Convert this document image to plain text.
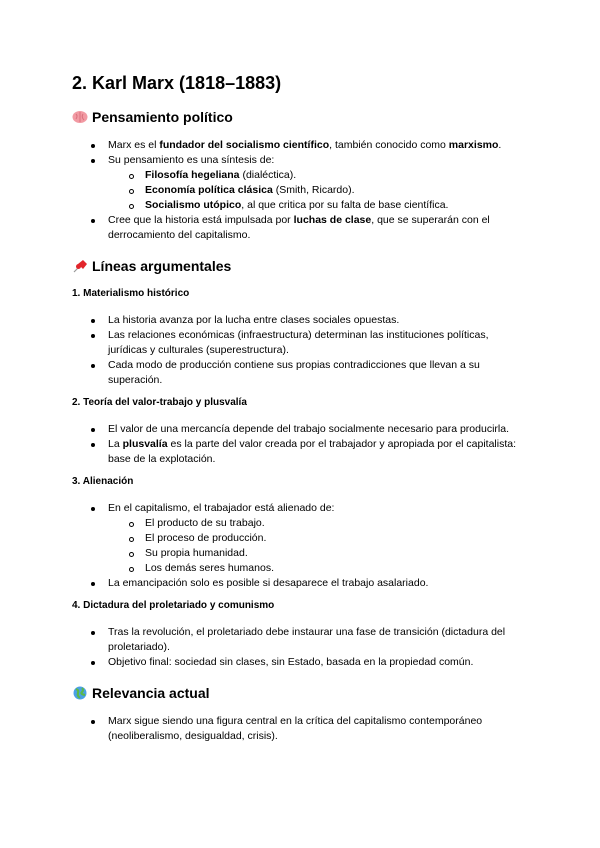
2. Karl Marx (1818–1883)
Pensamiento político
Marx es el fundador del socialismo científico, también conocido como marxismo.
Su pensamiento es una síntesis de:
Filosofía hegeliana (dialéctica).
Economía política clásica (Smith, Ricardo).
Socialismo utópico, al que critica por su falta de base científica.
Cree que la historia está impulsada por luchas de clase, que se superarán con el derrocamiento del capitalismo.
Líneas argumentales
1. Materialismo histórico
La historia avanza por la lucha entre clases sociales opuestas.
Las relaciones económicas (infraestructura) determinan las instituciones políticas, jurídicas y culturales (superestructura).
Cada modo de producción contiene sus propias contradicciones que llevan a su superación.
2. Teoría del valor-trabajo y plusvalía
El valor de una mercancía depende del trabajo socialmente necesario para producirla.
La plusvalía es la parte del valor creada por el trabajador y apropiada por el capitalista: base de la explotación.
3. Alienación
En el capitalismo, el trabajador está alienado de:
El producto de su trabajo.
El proceso de producción.
Su propia humanidad.
Los demás seres humanos.
La emancipación solo es posible si desaparece el trabajo asalariado.
4. Dictadura del proletariado y comunismo
Tras la revolución, el proletariado debe instaurar una fase de transición (dictadura del proletariado).
Objetivo final: sociedad sin clases, sin Estado, basada en la propiedad común.
Relevancia actual
Marx sigue siendo una figura central en la crítica del capitalismo contemporáneo (neoliberalismo, desigualdad, crisis).
